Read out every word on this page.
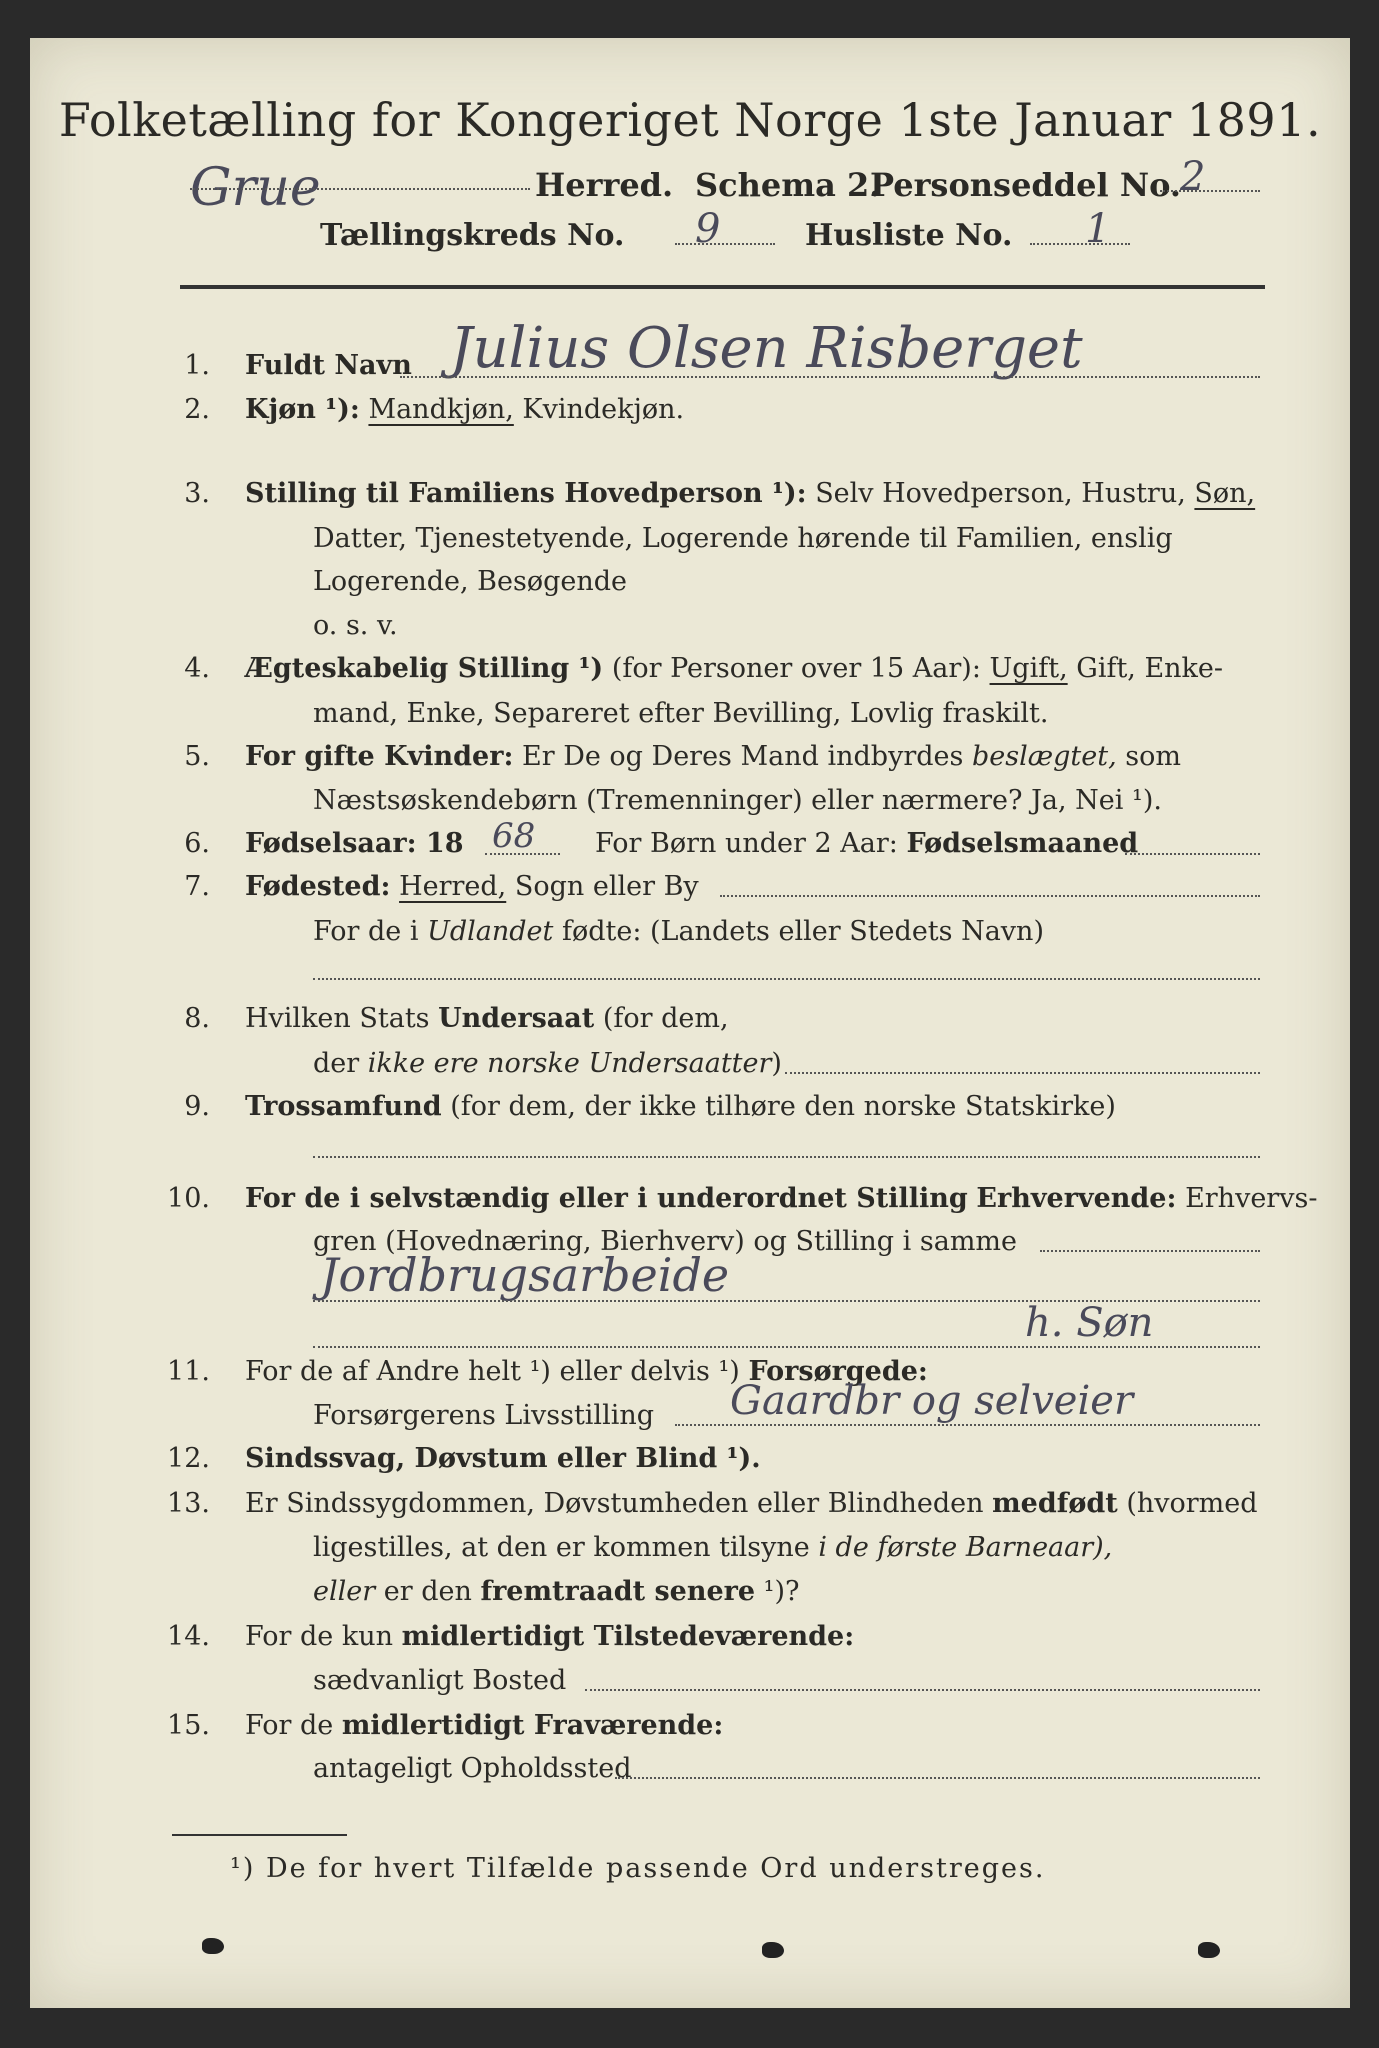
Folketælling for Kongeriget Norge 1ste Januar 1891.
Grue	Herred. Schema 2.
Personseddel No. 2
Tællingskreds No. 9	Husliste No. 1
1. Fuldt Navn Julius Olsen Risberget
2. Kjøn ¹): Mandkjøn, Kvindekjøn.
3. Stilling til Familiens Hovedperson ¹): Selv Hovedperson, Hustru, Søn,
Datter, Tjenestetyende, Logerende hørende til Familien, enslig
Logerende, Besøgende
o. s. v.
4. Ægteskabelig Stilling ¹) (for Personer over 15 Aar): Ugift, Gift, Enke-
mand, Enke, Separeret efter Bevilling, Lovlig fraskilt.
5. For gifte Kvinder: Er De og Deres Mand indbyrdes beslægtet, som
Næstsøskendebørn (Tremenninger) eller nærmere? Ja, Nei ¹).
6. Fødselsaar: 18 68 For Børn under 2 Aar: Fødselsmaaned
7. Fødested: Herred, Sogn eller By
For de i Udlandet fødte: (Landets eller Stedets Navn)
8. Hvilken Stats Undersaat (for dem,
der ikke ere norske Undersaatter)
9. Trossamfund (for dem, der ikke tilhøre den norske Statskirke)
10. For de i selvstændig eller i underordnet Stilling Erhvervende: Erhvervs-
gren (Hovednæring, Bierhverv) og Stilling i samme
Jordbrugsarbeide
h. Søn
11. For de af Andre helt ¹) eller delvis ¹) Forsørgede:
Forsørgerens Livsstilling Gaardbr og selveier
12. Sindssvag, Døvstum eller Blind ¹).
13. Er Sindssygdommen, Døvstumheden eller Blindheden medfødt (hvormed
ligestilles, at den er kommen tilsyne i de første Barneaar),
eller er den fremtraadt senere ¹)?
14. For de kun midlertidigt Tilstedeværende:
sædvanligt Bosted
15. For de midlertidigt Fraværende:
antageligt Opholdssted
¹) De for hvert Tilfælde passende Ord understreges.
